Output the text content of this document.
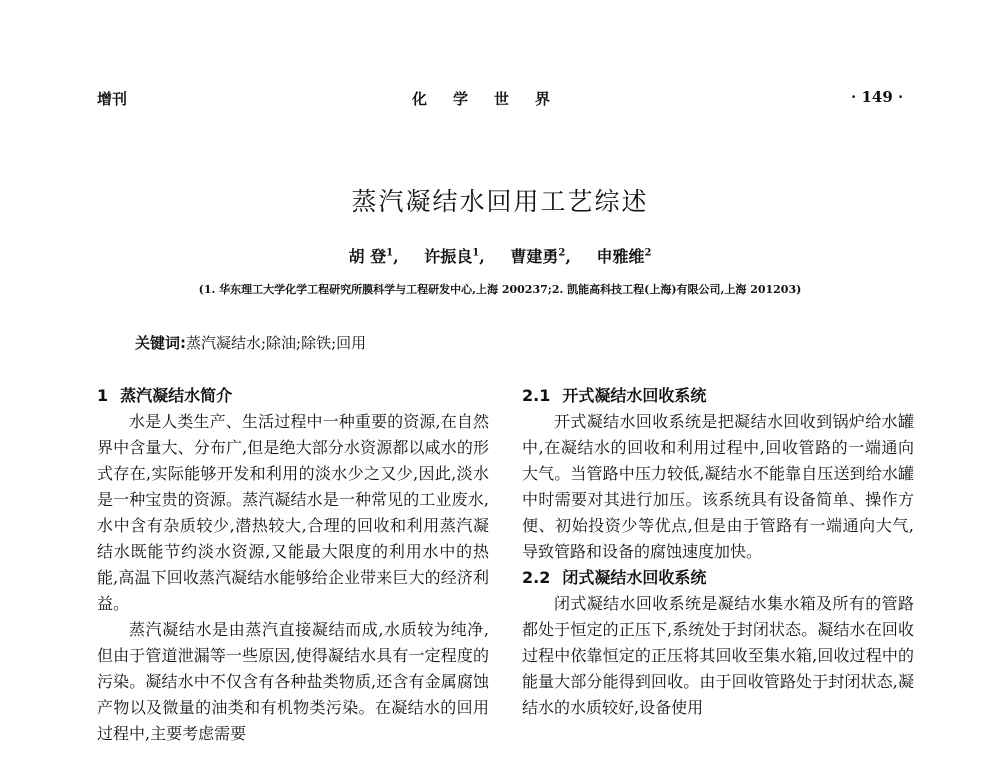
增刊	化学世界	· 149 ·
蒸汽凝结水回用工艺综述
胡 登$^1$, 许振良$^1$, 曹建勇$^2$, 申雅维$^2$
(1. 华东理工大学化学工程研究所膜科学与工程研发中心,上海 200237;2. 凯能高科技工程(上海)有限公司,上海 201203)
关键词:蒸汽凝结水;除油;除铁;回用
1 蒸汽凝结水简介

水是人类生产、生活过程中一种重要的资源,在自然界中含量大、分布广,但是绝大部分水资源都以咸水的形式存在,实际能够开发和利用的淡水少之又少,因此,淡水是一种宝贵的资源。蒸汽凝结水是一种常见的工业废水,水中含有杂质较少,潜热较大,合理的回收和利用蒸汽凝结水既能节约淡水资源,又能最大限度的利用水中的热能,高温下回收蒸汽凝结水能够给企业带来巨大的经济利益。

蒸汽凝结水是由蒸汽直接凝结而成,水质较为纯净,但由于管道泄漏等一些原因,使得凝结水具有一定程度的污染。凝结水中不仅含有各种盐类物质,还含有金属腐蚀产物以及微量的油类和有机物类污染。在凝结水的回用过程中,主要考虑需要

2.1 开式凝结水回收系统

开式凝结水回收系统是把凝结水回收到锅炉给水罐中,在凝结水的回收和利用过程中,回收管路的一端通向大气。当管路中压力较低,凝结水不能靠自压送到给水罐中时需要对其进行加压。该系统具有设备简单、操作方便、初始投资少等优点,但是由于管路有一端通向大气,导致管路和设备的腐蚀速度加快。

2.2 闭式凝结水回收系统

闭式凝结水回收系统是凝结水集水箱及所有的管路都处于恒定的正压下,系统处于封闭状态。凝结水在回收过程中依靠恒定的正压将其回收至集水箱,回收过程中的能量大部分能得到回收。由于回收管路处于封闭状态,凝结水的水质较好,设备使用
